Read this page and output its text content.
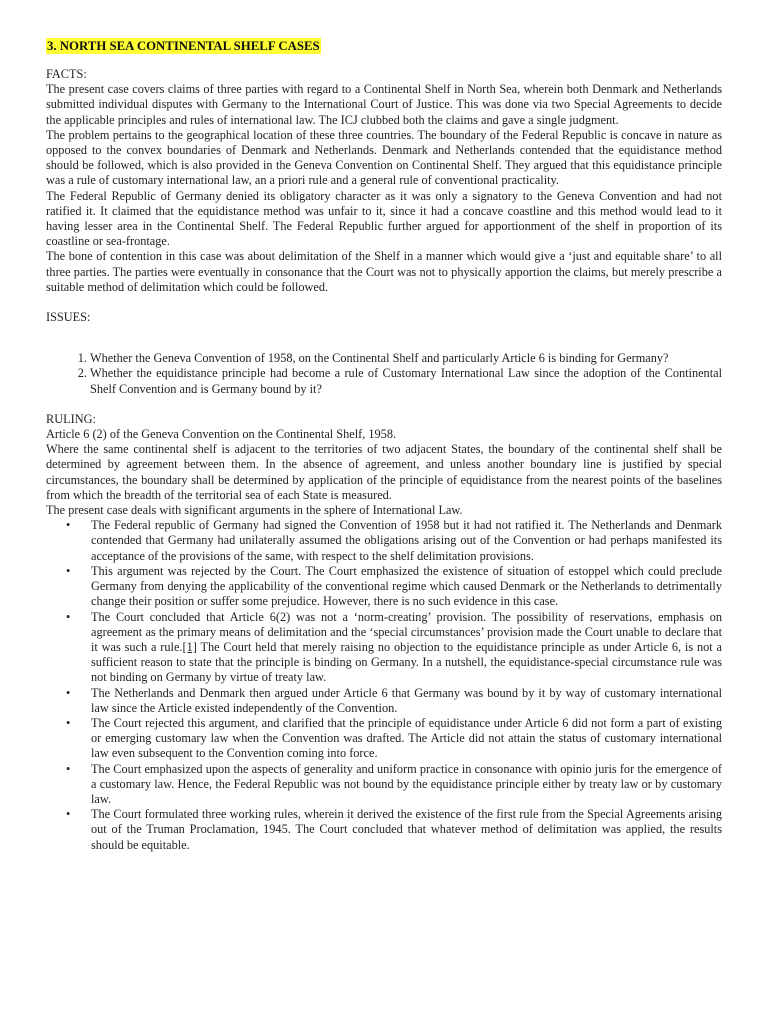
3. NORTH SEA CONTINENTAL SHELF CASES

FACTS:

The present case covers claims of three parties with regard to a Continental Shelf in North Sea, wherein both Denmark and Netherlands submitted individual disputes with Germany to the International Court of Justice. This was done via two Special Agreements to decide the applicable principles and rules of international law. The ICJ clubbed both the claims and gave a single judgment.

The problem pertains to the geographical location of these three countries. The boundary of the Federal Republic is concave in nature as opposed to the convex boundaries of Denmark and Netherlands. Denmark and Netherlands contended that the equidistance method should be followed, which is also provided in the Geneva Convention on Continental Shelf. They argued that this equidistance principle was a rule of customary international law, an a priori rule and a general rule of conventional practicality.

The Federal Republic of Germany denied its obligatory character as it was only a signatory to the Geneva Convention and had not ratified it. It claimed that the equidistance method was unfair to it, since it had a concave coastline and this method would lead to it having lesser area in the Continental Shelf. The Federal Republic further argued for apportionment of the shelf in proportion of its coastline or sea-frontage.

The bone of contention in this case was about delimitation of the Shelf in a manner which would give a ‘just and equitable share’ to all three parties. The parties were eventually in consonance that the Court was not to physically apportion the claims, but merely prescribe a suitable method of delimitation which could be followed.

ISSUES:

1. Whether the Geneva Convention of 1958, on the Continental Shelf and particularly Article 6 is binding for Germany?
2. Whether the equidistance principle had become a rule of Customary International Law since the adoption of the Continental Shelf Convention and is Germany bound by it?

RULING:

Article 6 (2) of the Geneva Convention on the Continental Shelf, 1958.

Where the same continental shelf is adjacent to the territories of two adjacent States, the boundary of the continental shelf shall be determined by agreement between them. In the absence of agreement, and unless another boundary line is justified by special circumstances, the boundary shall be determined by application of the principle of equidistance from the nearest points of the baselines from which the breadth of the territorial sea of each State is measured.

The present case deals with significant arguments in the sphere of International Law.

• The Federal republic of Germany had signed the Convention of 1958 but it had not ratified it. The Netherlands and Denmark contended that Germany had unilaterally assumed the obligations arising out of the Convention or had perhaps manifested its acceptance of the provisions of the same, with respect to the shelf delimitation provisions.
• This argument was rejected by the Court. The Court emphasized the existence of situation of estoppel which could preclude Germany from denying the applicability of the conventional regime which caused Denmark or the Netherlands to detrimentally change their position or suffer some prejudice. However, there is no such evidence in this case.
• The Court concluded that Article 6(2) was not a ‘norm-creating’ provision. The possibility of reservations, emphasis on agreement as the primary means of delimitation and the ‘special circumstances’ provision made the Court unable to declare that it was such a rule.[1] The Court held that merely raising no objection to the equidistance principle as under Article 6, is not a sufficient reason to state that the principle is binding on Germany. In a nutshell, the equidistance-special circumstance rule was not binding on Germany by virtue of treaty law.
• The Netherlands and Denmark then argued under Article 6 that Germany was bound by it by way of customary international law since the Article existed independently of the Convention.
• The Court rejected this argument, and clarified that the principle of equidistance under Article 6 did not form a part of existing or emerging customary law when the Convention was drafted. The Article did not attain the status of customary international law even subsequent to the Convention coming into force.
• The Court emphasized upon the aspects of generality and uniform practice in consonance with opinio juris for the emergence of a customary law. Hence, the Federal Republic was not bound by the equidistance principle either by treaty law or by customary law.
• The Court formulated three working rules, wherein it derived the existence of the first rule from the Special Agreements arising out of the Truman Proclamation, 1945. The Court concluded that whatever method of delimitation was applied, the results should be equitable.
